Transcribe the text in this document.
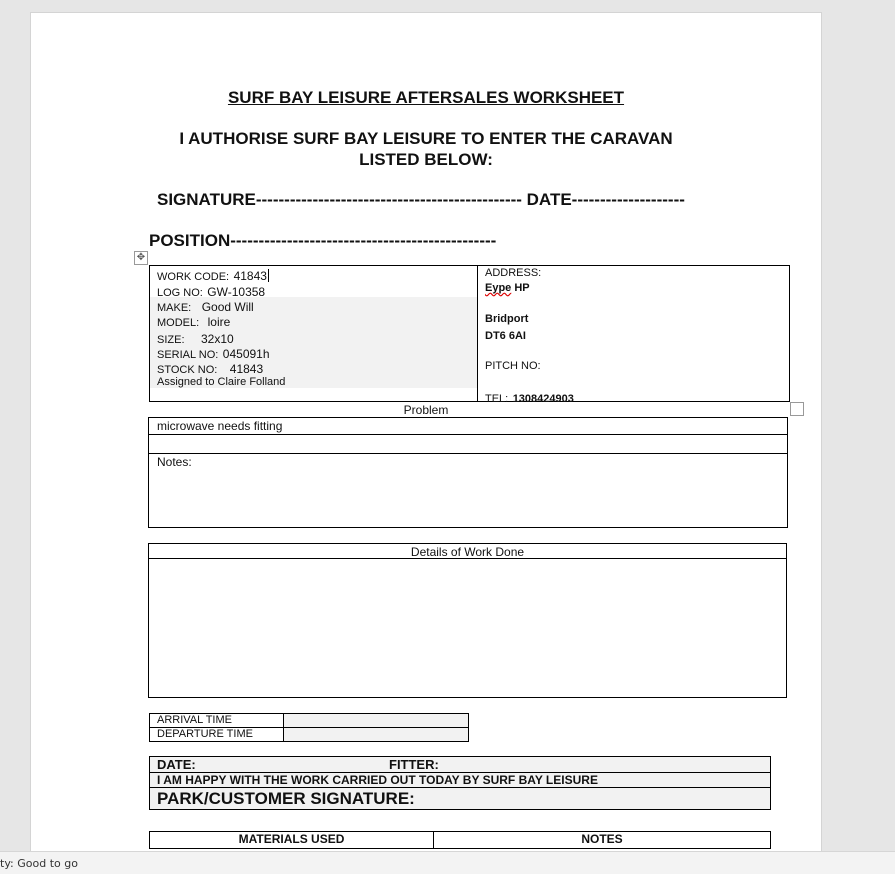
SURF BAY LEISURE AFTERSALES WORKSHEET
I AUTHORISE SURF BAY LEISURE TO ENTER THE CARAVAN
LISTED BELOW:
SIGNATURE----------------------------------------------- DATE--------------------
POSITION-----------------------------------------------
✥
WORK CODE: 41843
LOG NO: GW-10358
MAKE: Good Will
MODEL: loire
SIZE: 32x10
SERIAL NO: 045091h
STOCK NO: 41843
Assigned to Claire Folland
ADDRESS:
Eype HP
Bridport
DT6 6AI
PITCH NO:
TEL: 1308424903
Problem
microwave needs fitting
Notes:
Details of Work Done
ARRIVAL TIME
DEPARTURE TIME
DATE:	FITTER:
I AM HAPPY WITH THE WORK CARRIED OUT TODAY BY SURF BAY LEISURE
PARK/CUSTOMER SIGNATURE:
MATERIALS USED	NOTES
ty: Good to go
